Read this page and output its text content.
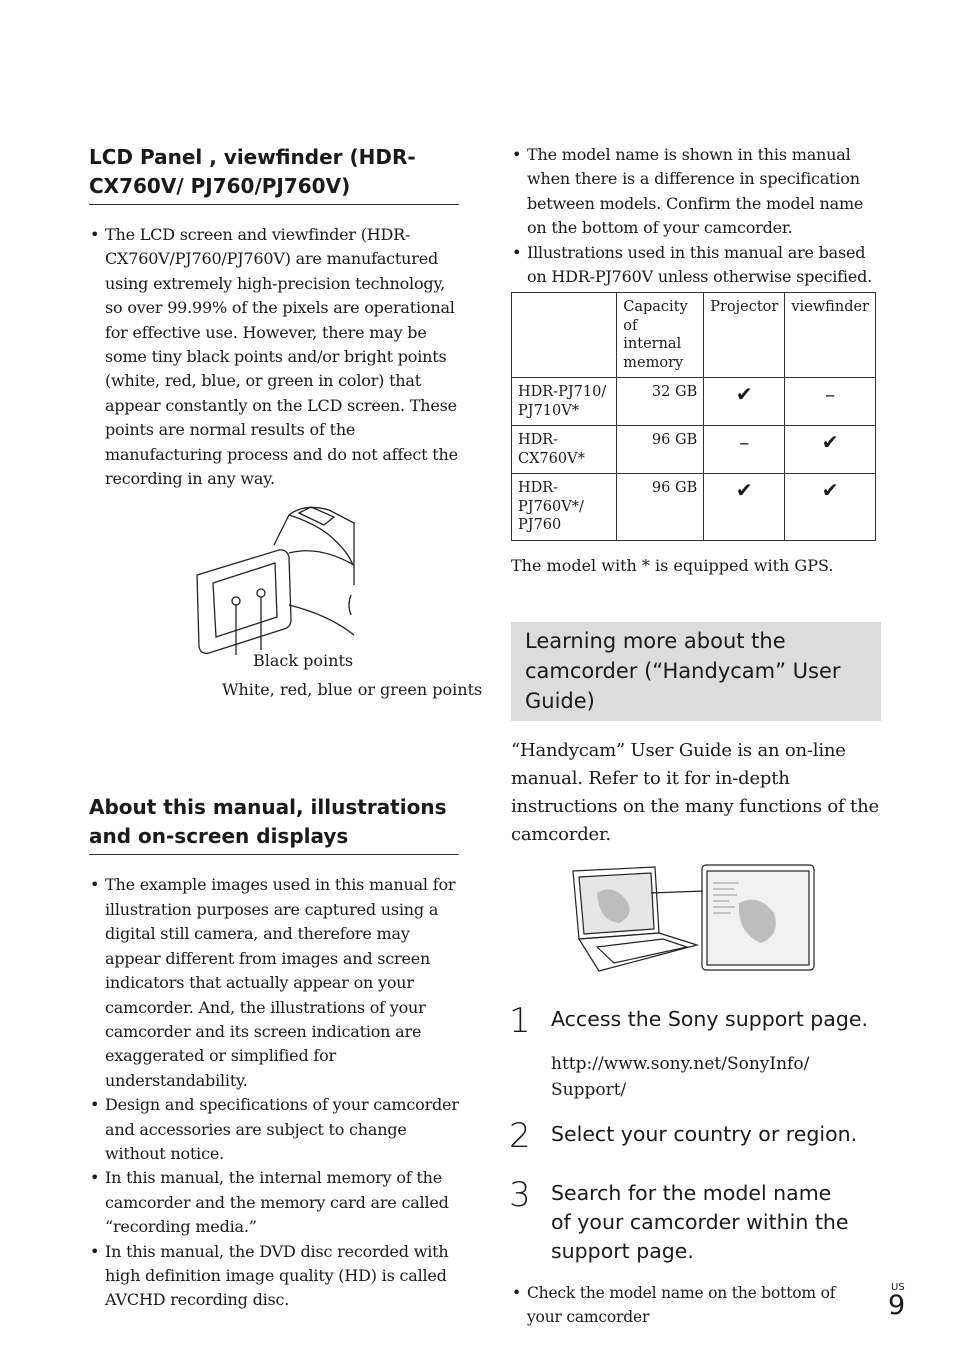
LCD Panel , viewfinder (HDR-CX760V/ PJ760/PJ760V)
• The LCD screen and viewfinder (HDR-CX760V/PJ760/PJ760V) are manufactured using extremely high-precision technology, so over 99.99% of the pixels are operational for effective use. However, there may be some tiny black points and/or bright points (white, red, blue, or green in color) that appear constantly on the LCD screen. These points are normal results of the manufacturing process and do not affect the recording in any way.
Black points
White, red, blue or green points
About this manual, illustrations and on-screen displays
• The example images used in this manual for illustration purposes are captured using a digital still camera, and therefore may appear different from images and screen indicators that actually appear on your camcorder. And, the illustrations of your camcorder and its screen indication are exaggerated or simplified for understandability.
• Design and specifications of your camcorder and accessories are subject to change without notice.
• In this manual, the internal memory of the camcorder and the memory card are called “recording media.”
• In this manual, the DVD disc recorded with high definition image quality (HD) is called AVCHD recording disc.
• The model name is shown in this manual when there is a difference in specification between models. Confirm the model name on the bottom of your camcorder.
• Illustrations used in this manual are based on HDR-PJ760V unless otherwise specified.
	Capacity of internal memory	Projector	viewfinder
HDR-PJ710/ PJ710V*	32 GB	✔	–
HDR-CX760V*	96 GB	–	✔
HDR-PJ760V*/ PJ760	96 GB	✔	✔
The model with * is equipped with GPS.
Learning more about the camcorder (“Handycam” User Guide)

“Handycam” User Guide is an on-line manual. Refer to it for in-depth instructions on the many functions of the camcorder.

1 Access the Sony support page.
http://www.sony.net/SonyInfo/ Support/
2 Select your country or region.
3 Search for the model name of your camcorder within the support page.
• Check the model name on the bottom of your camcorder
US
9
